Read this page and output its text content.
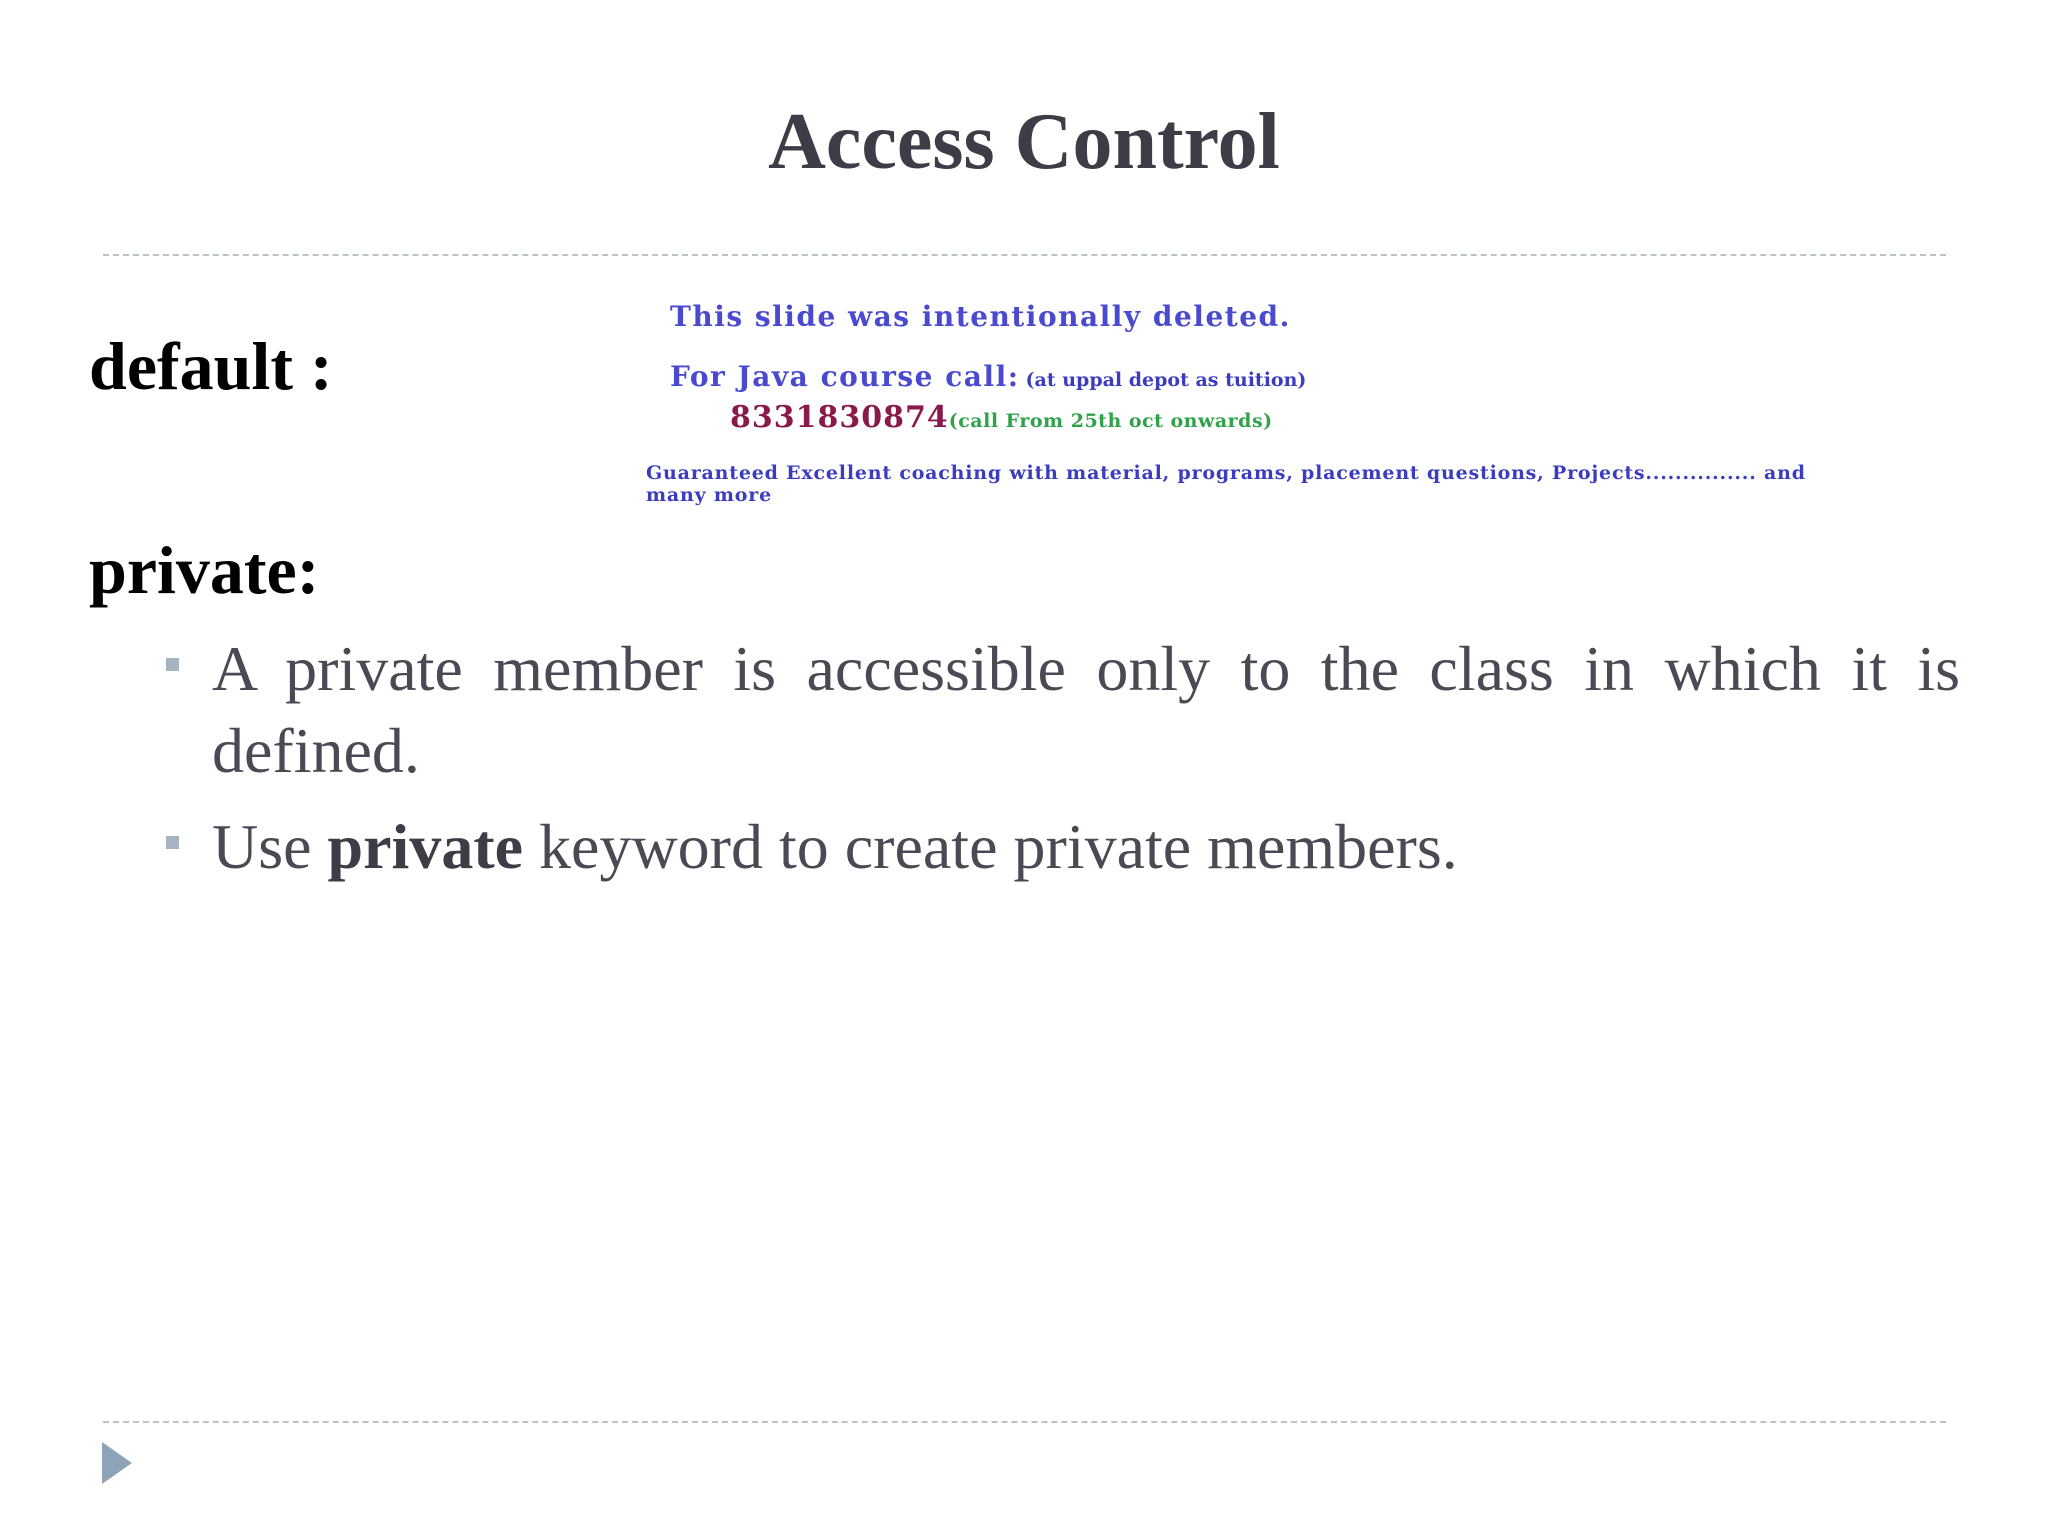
Access Control
default :
This slide was intentionally deleted.
For Java course call: (at uppal depot as tuition)
8331830874(call From 25th oct onwards)
Guaranteed Excellent coaching with material, programs, placement questions, Projects............... and many more
private:
A private member is accessible only to the class in which it is defined.
Use private keyword to create private members.
